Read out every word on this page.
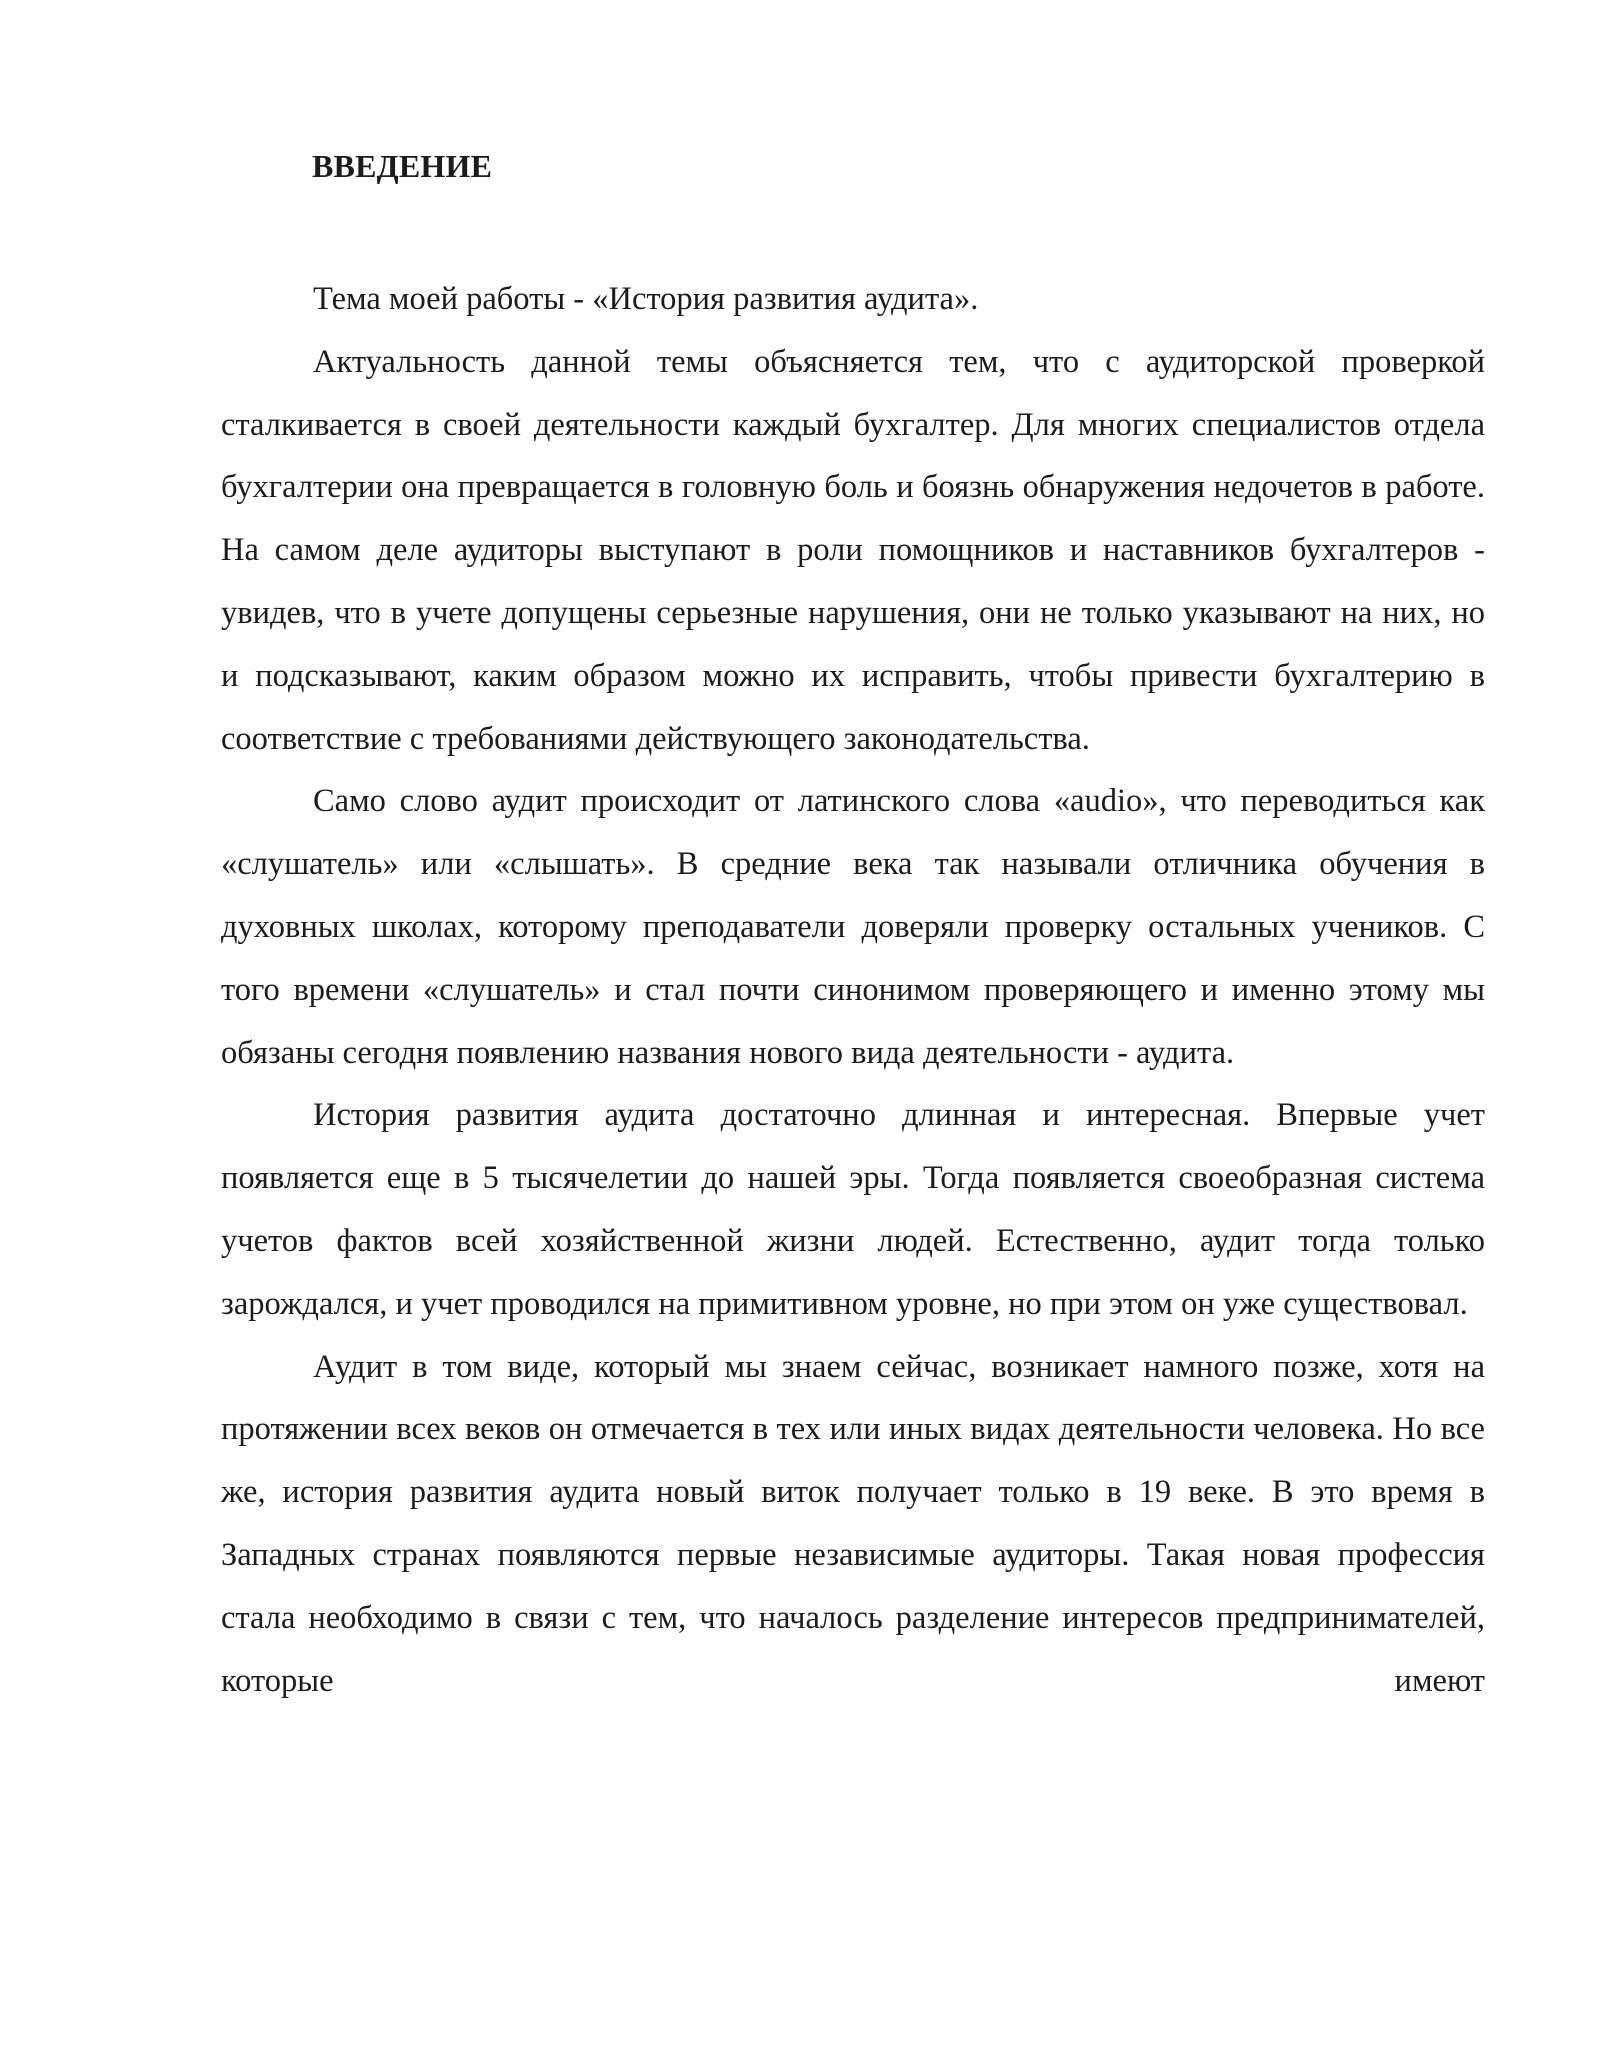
ВВЕДЕНИЕ

Тема моей работы - «История развития аудита».

Актуальность данной темы объясняется тем, что с аудиторской проверкой сталкивается в своей деятельности каждый бухгалтер. Для многих специалистов отдела бухгалтерии она превращается в головную боль и боязнь обнаружения недочетов в работе. На самом деле аудиторы выступают в роли помощников и наставников бухгалтеров - увидев, что в учете допущены серьезные нарушения, они не только указывают на них, но и подсказывают, каким образом можно их исправить, чтобы привести бухгалтерию в соответствие с требованиями действующего законодательства.

Само слово аудит происходит от латинского слова «audio», что переводиться как «слушатель» или «слышать». В средние века так называли отличника обучения в духовных школах, которому преподаватели доверяли проверку остальных учеников. С того времени «слушатель» и стал почти синонимом проверяющего и именно этому мы обязаны сегодня появлению названия нового вида деятельности - аудита.

История развития аудита достаточно длинная и интересная. Впервые учет появляется еще в 5 тысячелетии до нашей эры. Тогда появляется своеобразная система учетов фактов всей хозяйственной жизни людей. Естественно, аудит тогда только зарождался, и учет проводился на примитивном уровне, но при этом он уже существовал.

Аудит в том виде, который мы знаем сейчас, возникает намного позже, хотя на протяжении всех веков он отмечается в тех или иных видах деятельности человека. Но все же, история развития аудита новый виток получает только в 19 веке. В это время в Западных странах появляются первые независимые аудиторы. Такая новая профессия стала необходимо в связи с тем, что началось разделение интересов предпринимателей, которые имеют
